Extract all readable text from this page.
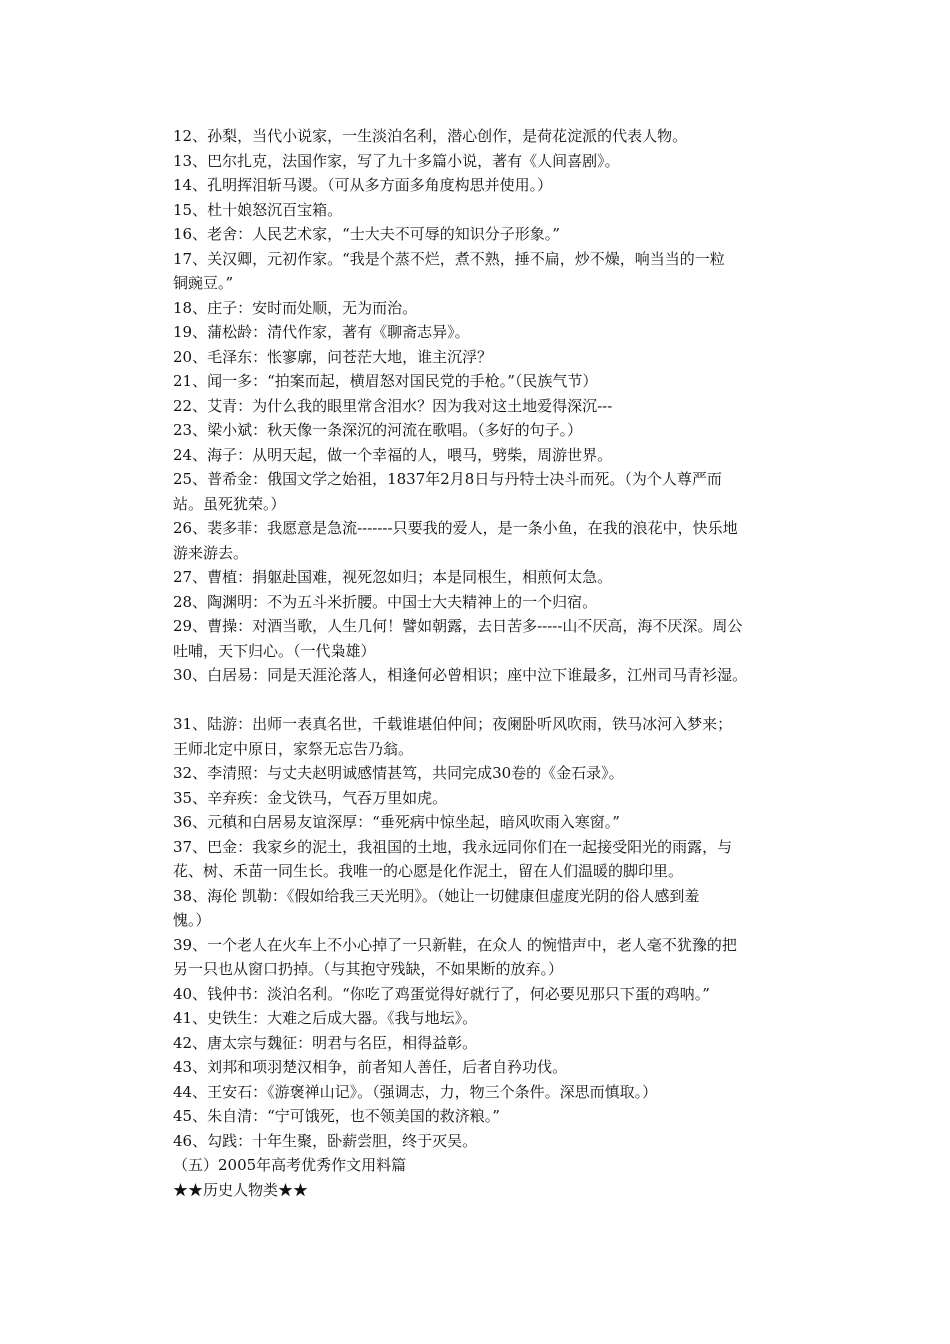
12、孙梨，当代小说家，一生淡泊名利，潜心创作，是荷花淀派的代表人物。
13、巴尔扎克，法国作家，写了九十多篇小说，著有《人间喜剧》。
14、孔明挥泪斩马谡。（可从多方面多角度构思并使用。）
15、杜十娘怒沉百宝箱。
16、老舍：人民艺术家，“士大夫不可辱的知识分子形象。”
17、关汉卿，元初作家。“我是个蒸不烂，煮不熟，捶不扁，炒不燥，响当当的一粒
铜豌豆。”
18、庄子：安时而处顺，无为而治。
19、蒲松龄：清代作家，著有《聊斋志异》。
20、毛泽东：怅寥廓，问苍茫大地，谁主沉浮？
21、闻一多：“拍案而起，横眉怒对国民党的手枪。”（民族气节）
22、艾青：为什么我的眼里常含泪水？因为我对这土地爱得深沉---
23、梁小斌：秋天像一条深沉的河流在歌唱。（多好的句子。）
24、海子：从明天起，做一个幸福的人，喂马，劈柴，周游世界。
25、普希金：俄国文学之始祖，1837年2月8日与丹特士决斗而死。（为个人尊严而
站。虽死犹荣。）
26、裴多菲：我愿意是急流-------只要我的爱人，是一条小鱼，在我的浪花中，快乐地
游来游去。
27、曹植：捐躯赴国难，视死忽如归；本是同根生，相煎何太急。
28、陶渊明：不为五斗米折腰。中国士大夫精神上的一个归宿。
29、曹操：对酒当歌，人生几何！譬如朝露，去日苦多-----山不厌高，海不厌深。周公
吐哺，天下归心。（一代枭雄）
30、白居易：同是天涯沦落人，相逢何必曾相识；座中泣下谁最多，江州司马青衫湿。
31、陆游：出师一表真名世，千载谁堪伯仲间；夜阑卧听风吹雨，铁马冰河入梦来；
王师北定中原日，家祭无忘告乃翁。
32、李清照：与丈夫赵明诚感情甚笃，共同完成30卷的《金石录》。
35、辛弃疾：金戈铁马，气吞万里如虎。
36、元稹和白居易友谊深厚：“垂死病中惊坐起，暗风吹雨入寒窗。”
37、巴金：我家乡的泥土，我祖国的土地，我永远同你们在一起接受阳光的雨露，与
花、树、禾苗一同生长。我唯一的心愿是化作泥土，留在人们温暖的脚印里。
38、海伦 凯勒：《假如给我三天光明》。（她让一切健康但虚度光阴的俗人感到羞
愧。）
39、一个老人在火车上不小心掉了一只新鞋，在众人 的惋惜声中，老人毫不犹豫的把
另一只也从窗口扔掉。（与其抱守残缺，不如果断的放弃。）
40、钱仲书：淡泊名利。“你吃了鸡蛋觉得好就行了，何必要见那只下蛋的鸡呐。”
41、史铁生：大难之后成大器。《我与地坛》。
42、唐太宗与魏征：明君与名臣，相得益彰。
43、刘邦和项羽楚汉相争，前者知人善任，后者自矜功伐。
44、王安石：《游褒禅山记》。（强调志，力，物三个条件。深思而慎取。）
45、朱自清：“宁可饿死，也不领美国的救济粮。”
46、勾践：十年生聚，卧薪尝胆，终于灭吴。
（五）2005年高考优秀作文用料篇
★★历史人物类★★
